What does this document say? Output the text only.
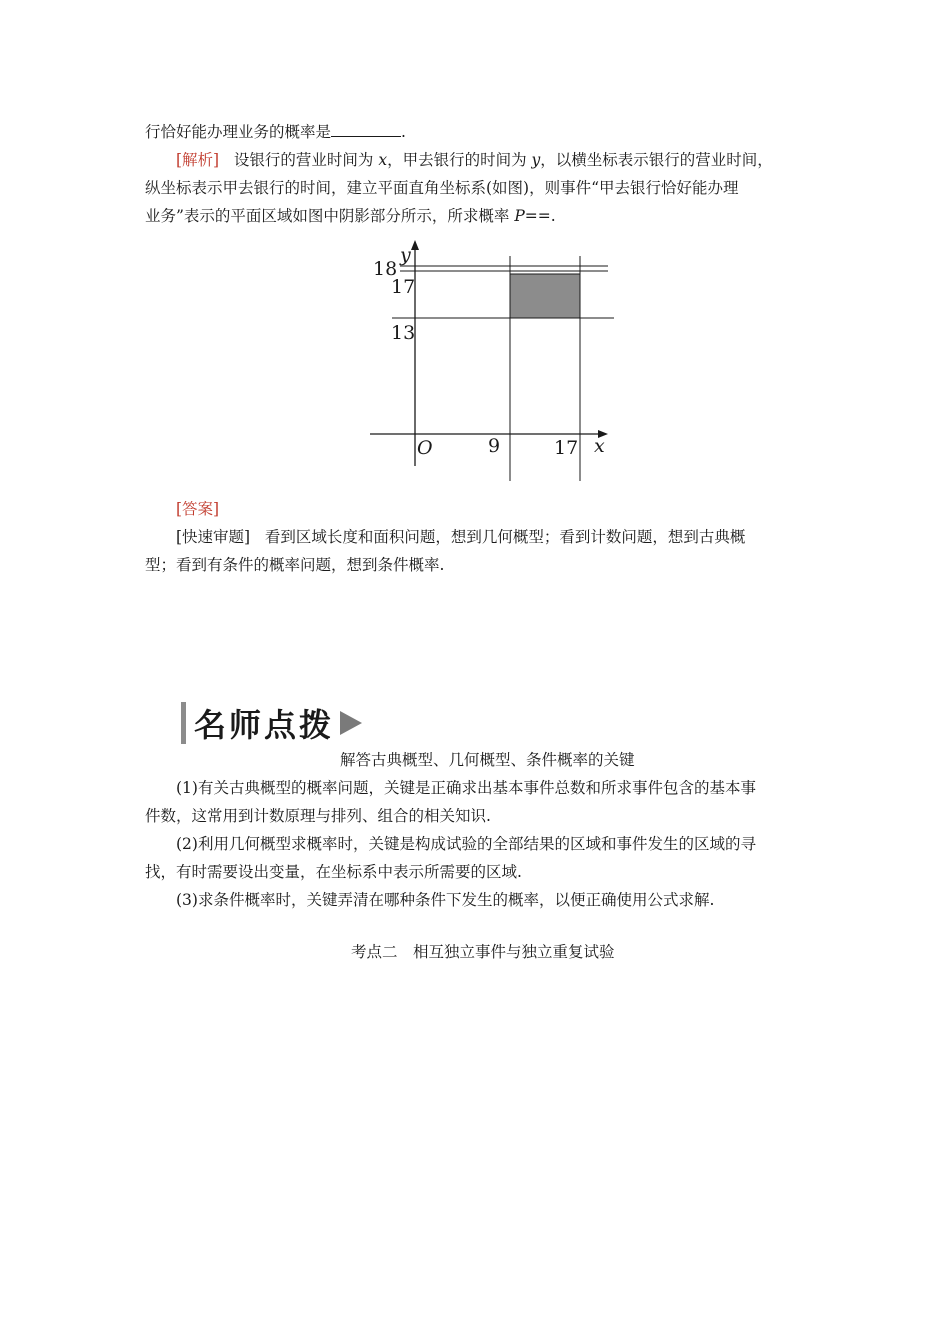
行恰好能办理业务的概率是	.
[解析] 设银行的营业时间为 x，甲去银行的时间为 y，以横坐标表示银行的营业时间，
纵坐标表示甲去银行的时间，建立平面直角坐标系(如图)，则事件“甲去银行恰好能办理
业务”表示的平面区域如图中阴影部分所示，所求概率 P==.
y
18
17
13
O	9	17 x
[答案]
[快速审题] 看到区域长度和面积问题，想到几何概型；看到计数问题，想到古典概
型；看到有条件的概率问题，想到条件概率.
名师点拨
解答古典概型、几何概型、条件概率的关键
(1)有关古典概型的概率问题，关键是正确求出基本事件总数和所求事件包含的基本事
件数，这常用到计数原理与排列、组合的相关知识.
(2)利用几何概型求概率时，关键是构成试验的全部结果的区域和事件发生的区域的寻
找，有时需要设出变量，在坐标系中表示所需要的区域.
(3)求条件概率时，关键弄清在哪种条件下发生的概率，以便正确使用公式求解.
考点二　相互独立事件与独立重复试验
